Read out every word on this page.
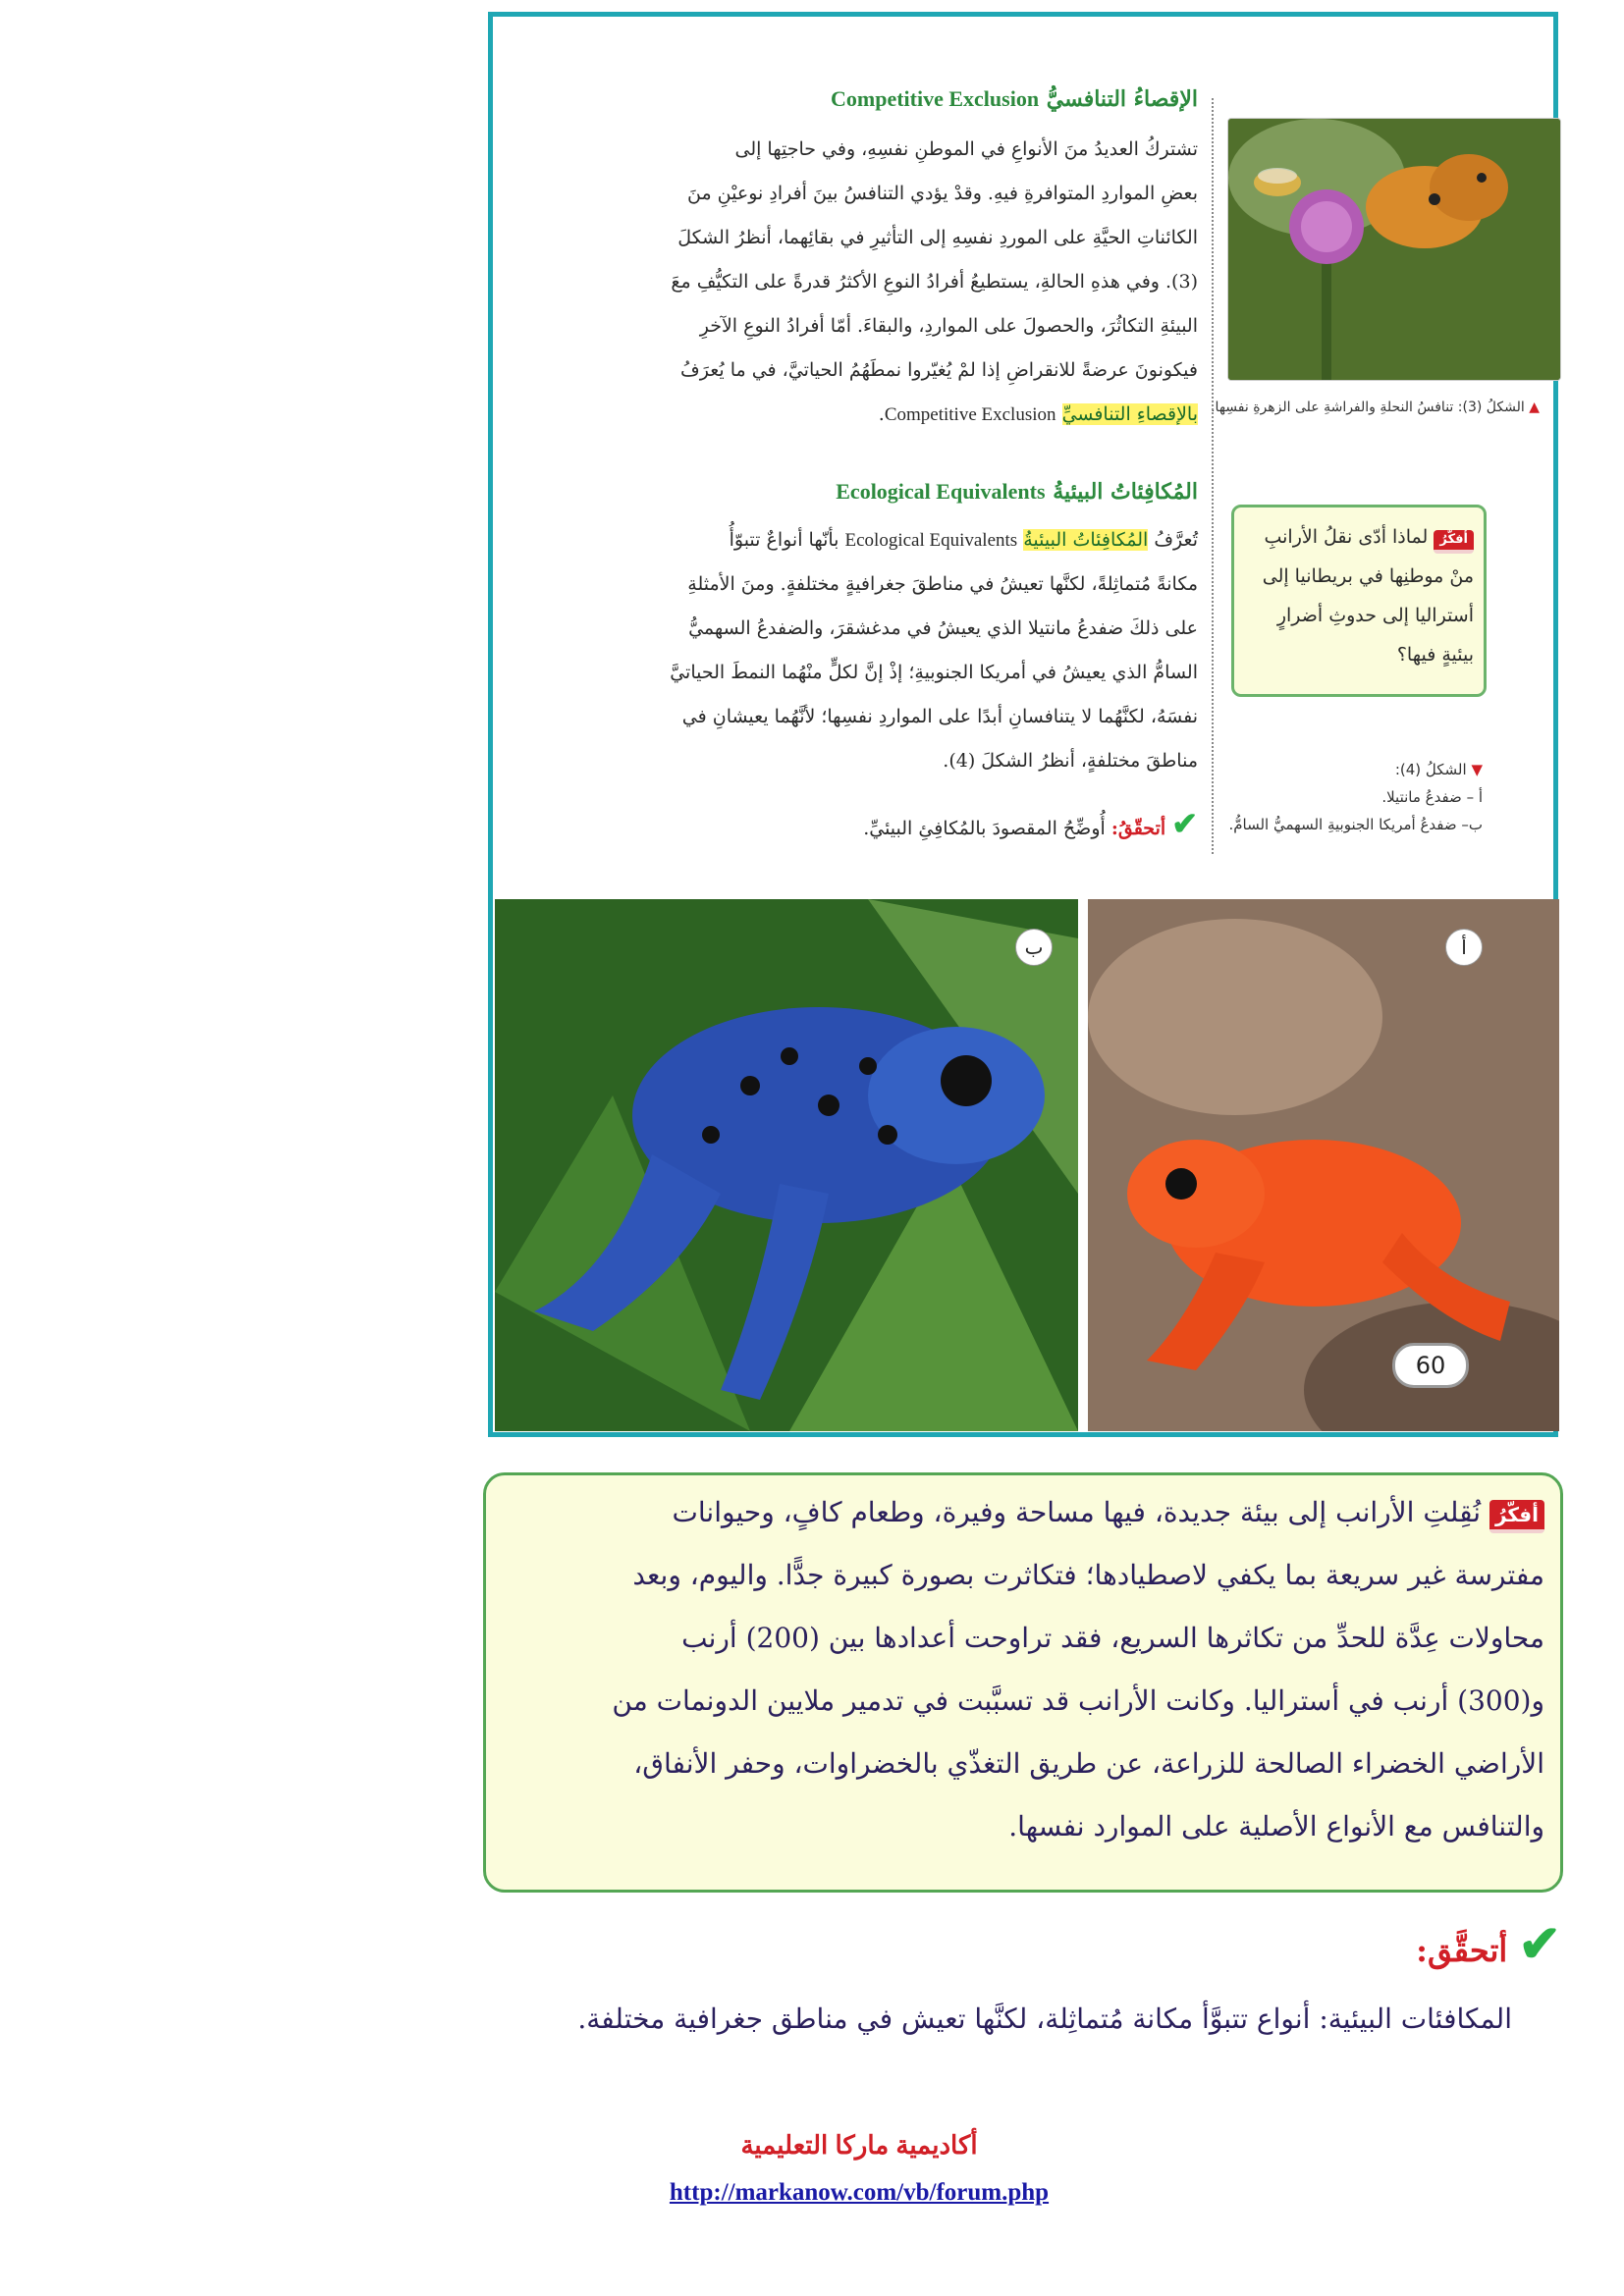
الإقصاءُ التنافسيُّ Competitive Exclusion

تشتركُ العديدُ منَ الأنواعِ في الموطنِ نفسِهِ، وفي حاجتِها إلى

بعضِ المواردِ المتوافرةِ فيهِ. وقدْ يؤدي التنافسُ بينَ أفرادِ نوعيْنِ منَ

الكائناتِ الحيَّةِ على الموردِ نفسِهِ إلى التأثيرِ في بقائِهما، أنظرُ الشكلَ

(3). وفي هذهِ الحالةِ، يستطيعُ أفرادُ النوعِ الأكثرُ قدرةً على التكيُّفِ معَ

البيئةِ التكاثُرَ، والحصولَ على المواردِ، والبقاءَ. أمّا أفرادُ النوعِ الآخرِ

فيكونونَ عرضةً للانقراضِ إذا لمْ يُغيّروا نمطَهُمُ الحياتيَّ، في ما يُعرَفُ

بالإقصاءِ التنافسيِّ Competitive Exclusion.	▲ الشكلُ (3): تنافسُ النحلةِ والفراشةِ على الزهرةِ نفسِها.
أفكّرُ لماذا أدّى نقلُ الأرانبِ
منْ موطنِها في بريطانيا إلى
أستراليا إلى حدوثِ أضرارٍ
بيئيةٍ فيها؟
المُكافِئاتُ البيئيةُ Ecological Equivalents

تُعرَّفُ المُكافِئاتُ البيئيةُ Ecological Equivalents بأنّها أنواعٌ تتبوّأُ

مكانةً مُتماثِلةً، لكنَّها تعيشُ في مناطقَ جغرافيةٍ مختلفةٍ. ومنَ الأمثلةِ

على ذلكَ ضفدعُ مانتيلا الذي يعيشُ في مدغشقرَ، والضفدعُ السهميُّ

السامُّ الذي يعيشُ في أمريكا الجنوبيةِ؛ إذْ إنَّ لكلٍّ منْهُما النمطَ الحياتيَّ

نفسَهُ، لكنَّهُما لا يتنافسانِ أبدًا على المواردِ نفسِها؛ لأنَّهُما يعيشانِ في

مناطقَ مختلفةٍ، أنظرُ الشكلَ (4).

✔ أتحقّقُ: أُوضِّحُ المقصودَ بالمُكافِئِ البيئيِّ.
▼ الشكلُ (4):
أ – ضفدعُ مانتيلا.
ب– ضفدعُ أمريكا الجنوبيةِ السهميُّ السامُّ.
ب	أ
60

أفكّرُ نُقِلتِ الأرانب إلى بيئة جديدة، فيها مساحة وفيرة، وطعام كافٍ، وحيوانات

مفترسة غير سريعة بما يكفي لاصطيادها؛ فتكاثرت بصورة كبيرة جدًّا. واليوم، وبعد

محاولات عِدَّة للحدِّ من تكاثرها السريع، فقد تراوحت أعدادها بين (200) أرنب

و(300) أرنب في أستراليا. وكانت الأرانب قد تسبَّبت في تدمير ملايين الدونمات من

الأراضي الخضراء الصالحة للزراعة، عن طريق التغذّي بالخضراوات، وحفر الأنفاق،

والتنافس مع الأنواع الأصلية على الموارد نفسها.

✔ أتحقَّق:
المكافئات البيئية: أنواع تتبوَّأ مكانة مُتماثِلة، لكنَّها تعيش في مناطق جغرافية مختلفة.
أكاديمية ماركا التعليمية
http://markanow.com/vb/forum.php
